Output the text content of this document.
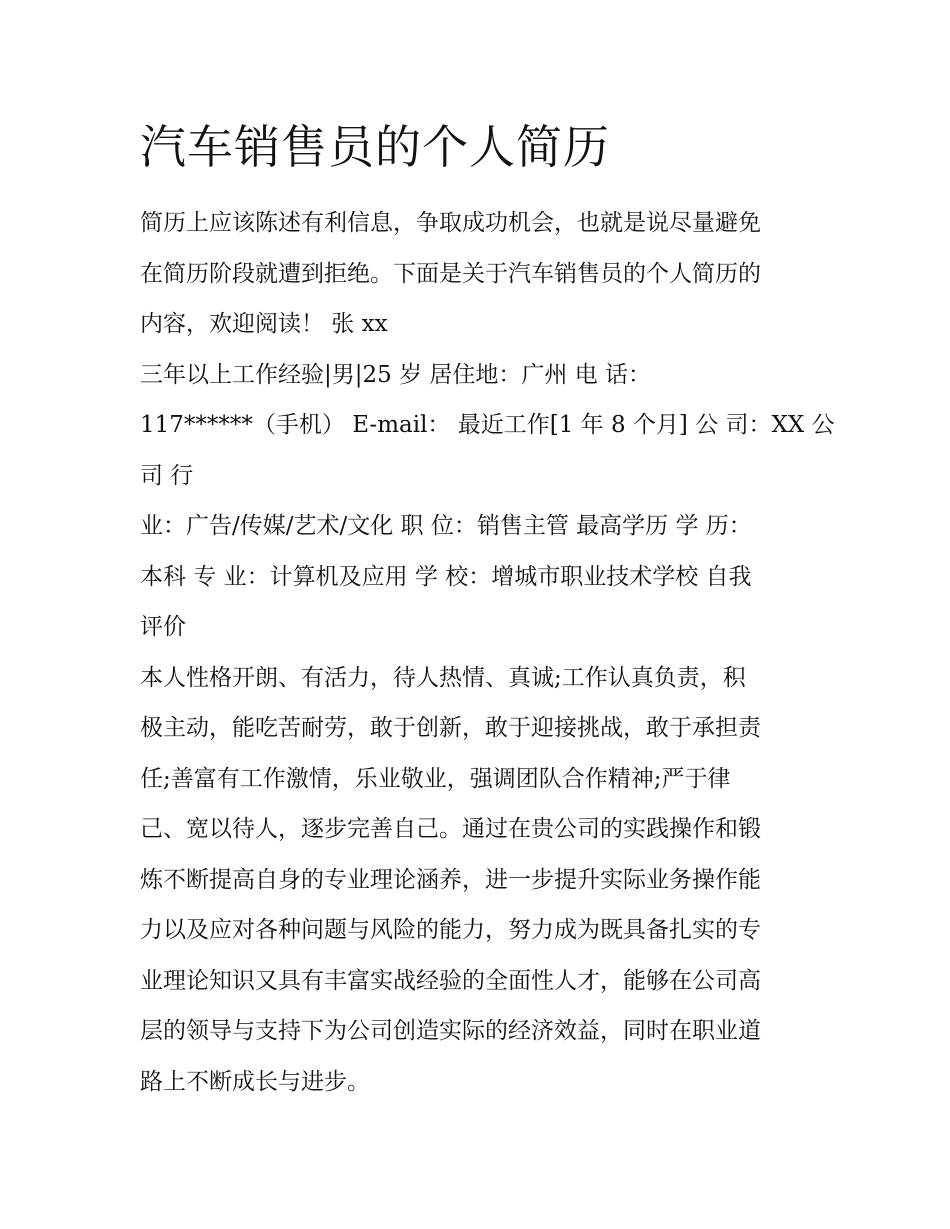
汽车销售员的个人简历

简历上应该陈述有利信息，争取成功机会，也就是说尽量避免

在简历阶段就遭到拒绝。下面是关于汽车销售员的个人简历的

内容，欢迎阅读！ 张 xx

三年以上工作经验|男|25 岁 居住地：广州 电 话：

117******（手机） E-mail： 最近工作[1 年 8 个月] 公 司：XX 公

司 行

业：广告/传媒/艺术/文化 职 位：销售主管 最高学历 学 历：

本科 专 业：计算机及应用 学 校：增城市职业技术学校 自我

评价

本人性格开朗、有活力，待人热情、真诚;工作认真负责，积

极主动，能吃苦耐劳，敢于创新，敢于迎接挑战，敢于承担责

任;善富有工作激情，乐业敬业，强调团队合作精神;严于律

己、宽以待人，逐步完善自己。通过在贵公司的实践操作和锻

炼不断提高自身的专业理论涵养，进一步提升实际业务操作能

力以及应对各种问题与风险的能力，努力成为既具备扎实的专

业理论知识又具有丰富实战经验的全面性人才，能够在公司高

层的领导与支持下为公司创造实际的经济效益，同时在职业道

路上不断成长与进步。
